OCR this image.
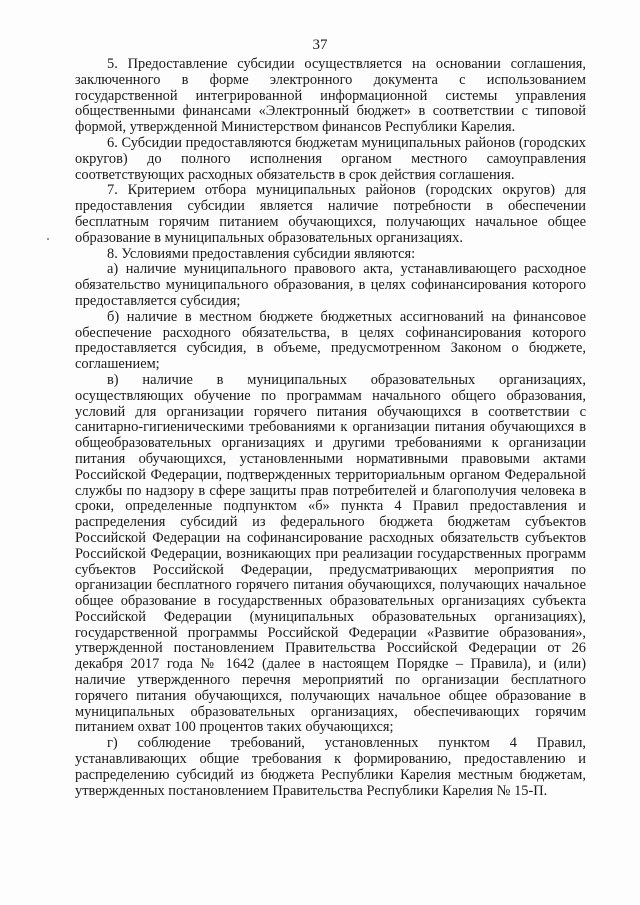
37

5. Предоставление субсидии осуществляется на основании соглашения, заключенного в форме электронного документа с использованием государственной интегрированной информационной системы управления общественными финансами «Электронный бюджет» в соответствии с типовой формой, утвержденной Министерством финансов Республики Карелия.

6. Субсидии предоставляются бюджетам муниципальных районов (городских округов) до полного исполнения органом местного самоуправления соответствующих расходных обязательств в срок действия соглашения.

7. Критерием отбора муниципальных районов (городских округов) для предоставления субсидии является наличие потребности в обеспечении бесплатным горячим питанием обучающихся, получающих начальное общее образование в муниципальных образовательных организациях.

8. Условиями предоставления субсидии являются:

а) наличие муниципального правового акта, устанавливающего расходное обязательство муниципального образования, в целях софинансирования которого предоставляется субсидия;

б) наличие в местном бюджете бюджетных ассигнований на финансовое обеспечение расходного обязательства, в целях софинансирования которого предоставляется субсидия, в объеме, предусмотренном Законом о бюджете, соглашением;

в) наличие в муниципальных образовательных организациях, осуществляющих обучение по программам начального общего образования, условий для организации горячего питания обучающихся в соответствии с санитарно-гигиеническими требованиями к организации питания обучающихся в общеобразовательных организациях и другими требованиями к организации питания обучающихся, установленными нормативными правовыми актами Российской Федерации, подтвержденных территориальным органом Федеральной службы по надзору в сфере защиты прав потребителей и благополучия человека в сроки, определенные подпунктом «б» пункта 4 Правил предоставления и распределения субсидий из федерального бюджета бюджетам субъектов Российской Федерации на софинансирование расходных обязательств субъектов Российской Федерации, возникающих при реализации государственных программ субъектов Российской Федерации, предусматривающих мероприятия по организации бесплатного горячего питания обучающихся, получающих начальное общее образование в государственных образовательных организациях субъекта Российской Федерации (муниципальных образовательных организациях), государственной программы Российской Федерации «Развитие образования», утвержденной постановлением Правительства Российской Федерации от 26 декабря 2017 года № 1642 (далее в настоящем Порядке – Правила), и (или) наличие утвержденного перечня мероприятий по организации бесплатного горячего питания обучающихся, получающих начальное общее образование в муниципальных образовательных организациях, обеспечивающих горячим питанием охват 100 процентов таких обучающихся;

г) соблюдение требований, установленных пунктом 4 Правил, устанавливающих общие требования к формированию, предоставлению и распределению субсидий из бюджета Республики Карелия местным бюджетам, утвержденных постановлением Правительства Республики Карелия № 15-П.
